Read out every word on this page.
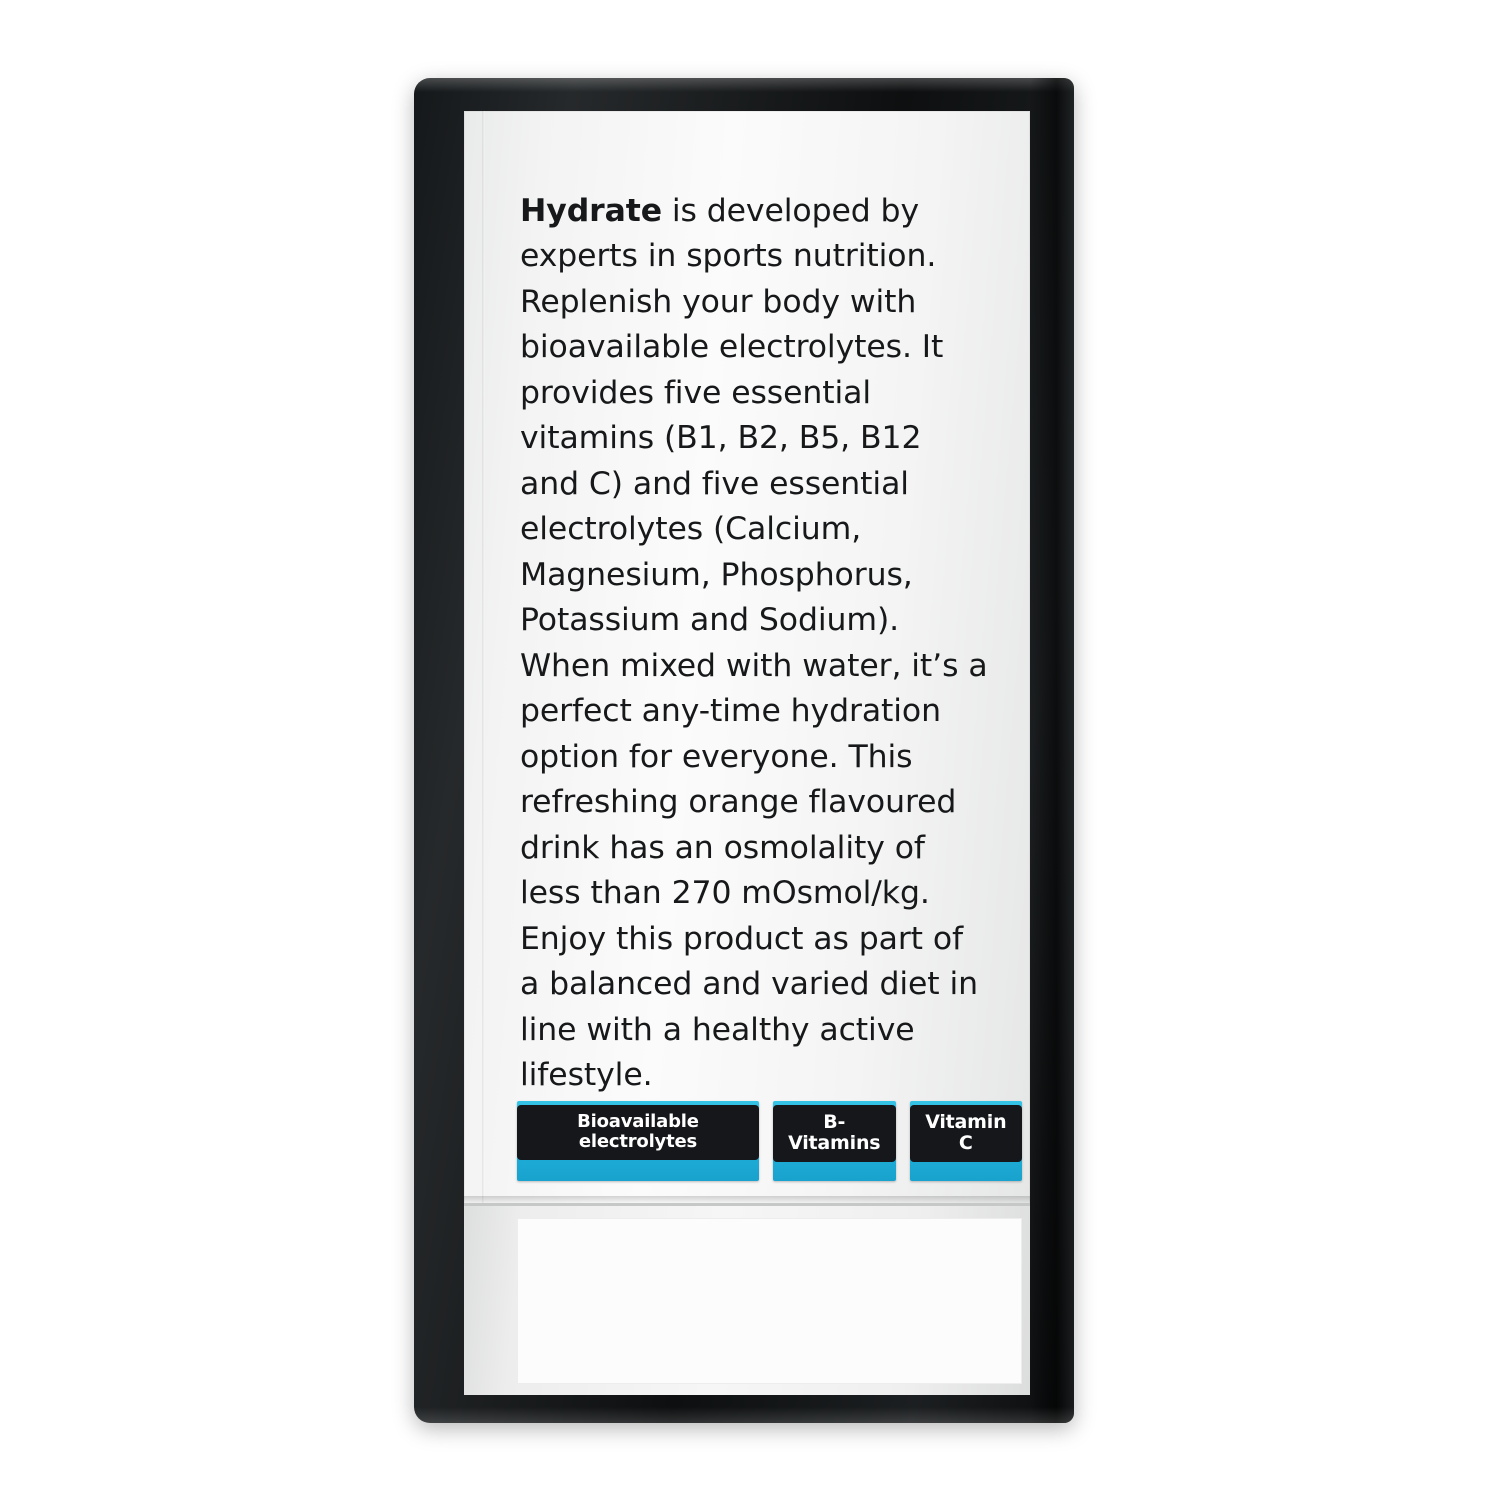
Hydrate is developed by experts in sports nutrition. Replenish your body with bioavailable electrolytes. It provides five essential vitamins (B1, B2, B5, B12 and C) and five essential electrolytes (Calcium, Magnesium, Phosphorus, Potassium and Sodium). When mixed with water, it’s a perfect any-time hydration option for everyone. This refreshing orange flavoured drink has an osmolality of less than 270 mOsmol/kg. Enjoy this product as part of a balanced and varied diet in line with a healthy active lifestyle.

Bioavailable electrolytes
B-Vitamins
Vitamin C
